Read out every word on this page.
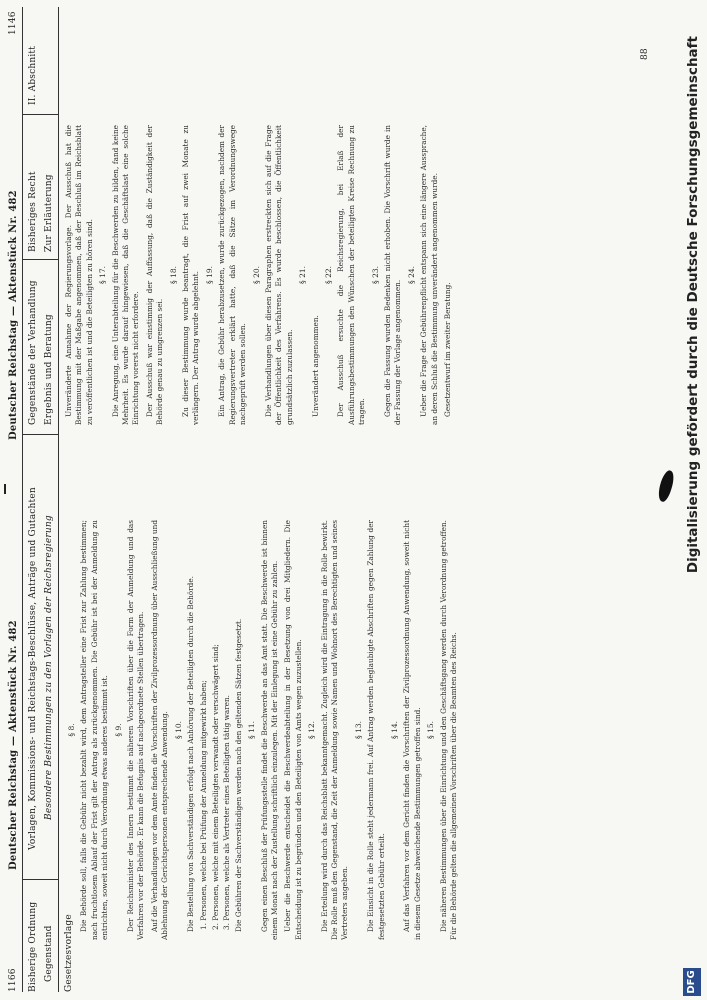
1166
Deutscher Reichstag — Aktenstück Nr. 482
Deutscher Reichstag — Aktenstück Nr. 482
1146
Bisherige Ordnung Gegenstand
Vorlagen, Kommissions- und Reichstags-Beschlüsse, Anträge und Gutachten Besondere Bestimmungen zu den Vorlagen der Reichsregierung
Gegenstände der Verhandlung Ergebnis und Beratung
Bisheriges Recht Zur Erläuterung
II. Abschnitt
Gesetzesvorlage

§ 8. Die Behörde soll, falls die Gebühr nicht bezahlt wird, dem Antragsteller eine Frist zur Zahlung bestimmen; nach fruchtlosem Ablauf der Frist gilt der Antrag als zurückgenommen. Die Gebühr ist bei der Anmeldung zu entrichten, soweit nicht durch Verordnung etwas anderes bestimmt ist. § 9. Der Reichsminister des Innern bestimmt die näheren Vorschriften über die Form der Anmeldung und das Verfahren vor der Behörde. Er kann die Befugnis auf nachgeordnete Stellen übertragen. Auf die Verhandlungen vor dem Amte finden die Vorschriften der Zivilprozessordnung über Ausschließung und Ablehnung der Gerichtspersonen entsprechende Anwendung. § 10. Die Bestellung von Sachverständigen erfolgt nach Anhörung der Beteiligten durch die Behörde. 1. Personen, welche bei Prüfung der Anmeldung mitgewirkt haben; 2. Personen, welche mit einem Beteiligten verwandt oder verschwägert sind; 3. Personen, welche als Vertreter eines Beteiligten tätig waren. Die Gebühren der Sachverständigen werden nach den geltenden Sätzen festgesetzt. § 11. Gegen einen Beschluß der Prüfungsstelle findet die Beschwerde an das Amt statt. Die Beschwerde ist binnen einem Monat nach der Zustellung schriftlich einzulegen. Mit der Einlegung ist eine Gebühr zu zahlen. Ueber die Beschwerde entscheidet die Beschwerdeabteilung in der Besetzung von drei Mitgliedern. Die Entscheidung ist zu begründen und den Beteiligten von Amts wegen zuzustellen. § 12. Die Erteilung wird durch das Reichsblatt bekanntgemacht. Zugleich wird die Eintragung in die Rolle bewirkt. Die Rolle muß den Gegenstand, die Zeit der Anmeldung sowie Namen und Wohnort des Berechtigten und seines Vertreters angeben.

§ 13. Die Einsicht in die Rolle steht jedermann frei. Auf Antrag werden beglaubigte Abschriften gegen Zahlung der festgesetzten Gebühr erteilt.

§ 14. Auf das Verfahren vor dem Gericht finden die Vorschriften der Zivilprozessordnung Anwendung, soweit nicht in diesem Gesetze abweichende Bestimmungen getroffen sind. § 15. Die näheren Bestimmungen über die Einrichtung und den Geschäftsgang werden durch Verordnung getroffen. Für die Behörde gelten die allgemeinen Vorschriften über die Beamten des Reichs.

Unveränderte Annahme der Regierungsvorlage. Der Ausschuß hat die Bestimmung mit der Maßgabe angenommen, daß der Beschluß im Reichsblatt zu veröffentlichen ist und die Beteiligten zu hören sind. § 17. Die Anregung, eine Unterabteilung für die Beschwerden zu bilden, fand keine Mehrheit. Es wurde darauf hingewiesen, daß die Geschäftslast eine solche Einrichtung vorerst nicht erfordere. Der Ausschuß war einstimmig der Auffassung, daß die Zuständigkeit der Behörde genau zu umgrenzen sei.

§ 18. Zu dieser Bestimmung wurde beantragt, die Frist auf zwei Monate zu verlängern. Der Antrag wurde abgelehnt. § 19. Ein Antrag, die Gebühr herabzusetzen, wurde zurückgezogen, nachdem der Regierungsvertreter erklärt hatte, daß die Sätze im Verordnungswege nachgeprüft werden sollen.

§ 20. Die Verhandlungen über diesen Paragraphen erstreckten sich auf die Frage der Öffentlichkeit des Verfahrens. Es wurde beschlossen, die Öffentlichkeit grundsätzlich zuzulassen.

§ 21.

Unverändert angenommen.

§ 22. Der Ausschuß ersuchte die Reichsregierung, bei Erlaß der Ausführungsbestimmungen den Wünschen der beteiligten Kreise Rechnung zu tragen.

§ 23. Gegen die Fassung wurden Bedenken nicht erhoben. Die Vorschrift wurde in der Fassung der Vorlage angenommen.

§ 24. Ueber die Frage der Gebührenpflicht entspann sich eine längere Aussprache, an deren Schluß die Bestimmung unverändert angenommen wurde. Gesetzentwurf im zweiter Beratung.

88
DFG
Digitalisierung gefördert durch die Deutsche Forschungsgemeinschaft
